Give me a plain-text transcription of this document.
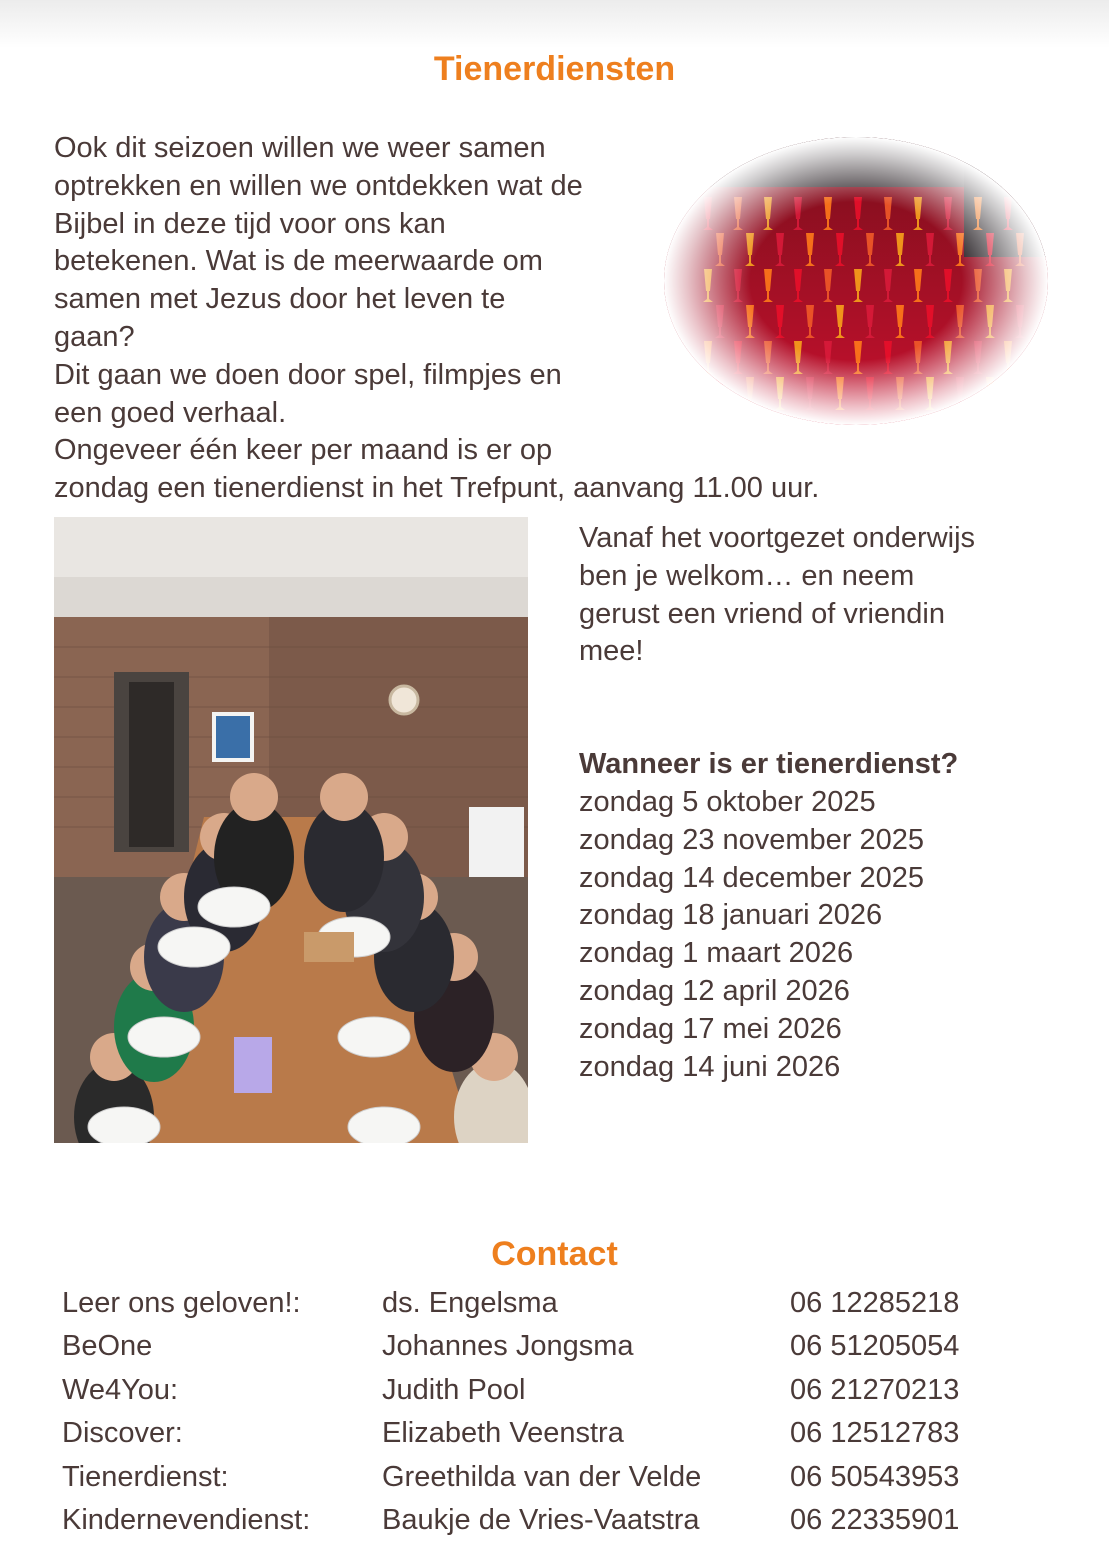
Tienerdiensten
Ook dit seizoen willen we weer samen
optrekken en willen we ontdekken wat de
Bijbel in deze tijd voor ons kan
betekenen. Wat is de meerwaarde om
samen met Jezus door het leven te
gaan?
Dit gaan we doen door spel, filmpjes en
een goed verhaal.
Ongeveer één keer per maand is er op
zondag een tienerdienst in het Trefpunt, aanvang 11.00 uur.
Vanaf het voortgezet onderwijs
ben je welkom… en neem
gerust een vriend of vriendin
mee!
Wanneer is er tienerdienst?
zondag 5 oktober 2025
zondag 23 november 2025
zondag 14 december 2025
zondag 18 januari 2026
zondag 1 maart 2026
zondag 12 april 2026
zondag 17 mei 2026
zondag 14 juni 2026
Contact
Leer ons geloven!:	ds. Engelsma	06 12285218
BeOne	Johannes Jongsma	06 51205054
We4You:	Judith Pool	06 21270213
Discover:	Elizabeth Veenstra	06 12512783
Tienerdienst:	Greethilda van der Velde	06 50543953
Kindernevendienst:	Baukje de Vries-Vaatstra	06 22335901
